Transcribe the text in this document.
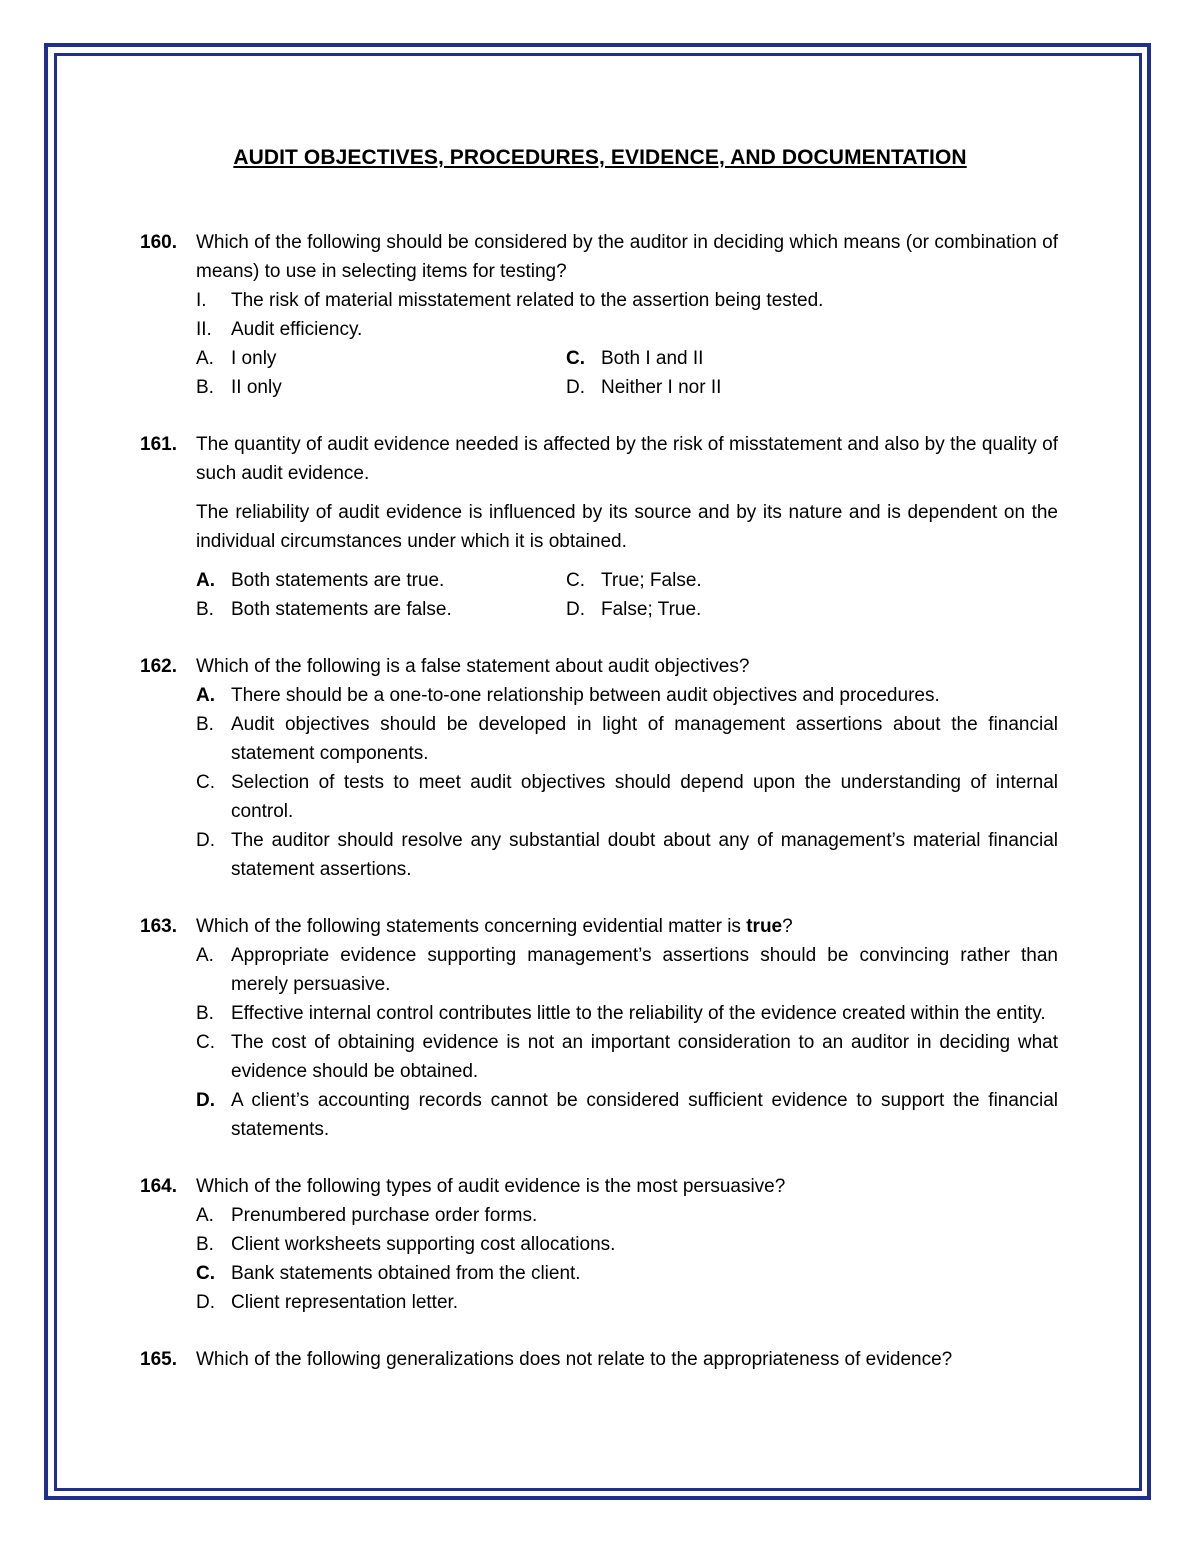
AUDIT OBJECTIVES, PROCEDURES, EVIDENCE, AND DOCUMENTATION
160. Which of the following should be considered by the auditor in deciding which means (or combination of means) to use in selecting items for testing?
I. The risk of material misstatement related to the assertion being tested.
II. Audit efficiency.
A. I only	C. Both I and II
B. II only	D. Neither I nor II
161. The quantity of audit evidence needed is affected by the risk of misstatement and also by the quality of such audit evidence.
The reliability of audit evidence is influenced by its source and by its nature and is dependent on the individual circumstances under which it is obtained.
A. Both statements are true.	C. True; False.
B. Both statements are false.	D. False; True.
162. Which of the following is a false statement about audit objectives?
A. There should be a one-to-one relationship between audit objectives and procedures.
B. Audit objectives should be developed in light of management assertions about the financial statement components.
C. Selection of tests to meet audit objectives should depend upon the understanding of internal control.
D. The auditor should resolve any substantial doubt about any of management’s material financial statement assertions.
163. Which of the following statements concerning evidential matter is true?
A. Appropriate evidence supporting management’s assertions should be convincing rather than merely persuasive.
B. Effective internal control contributes little to the reliability of the evidence created within the entity.
C. The cost of obtaining evidence is not an important consideration to an auditor in deciding what evidence should be obtained.
D. A client’s accounting records cannot be considered sufficient evidence to support the financial statements.
164. Which of the following types of audit evidence is the most persuasive?
A. Prenumbered purchase order forms.
B. Client worksheets supporting cost allocations.
C. Bank statements obtained from the client.
D. Client representation letter.
165. Which of the following generalizations does not relate to the appropriateness of evidence?
